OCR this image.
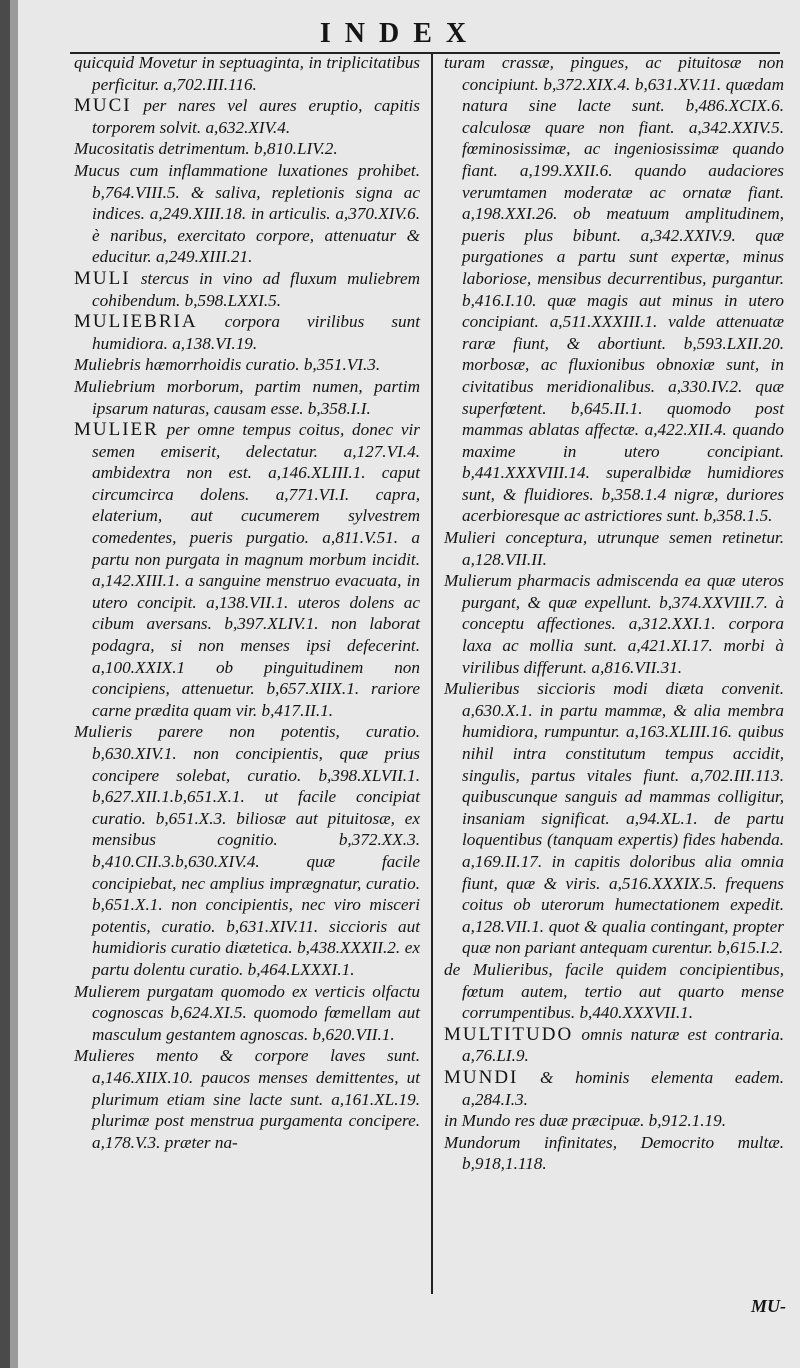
INDEX

quicquid Movetur in septuaginta, in triplicitatibus perficitur. a,702.III.116.

MUCI per nares vel aures eruptio, capitis torporem solvit. a,632.XIV.4.

Mucositatis detrimentum. b,810.LIV.2.

Mucus cum inflammatione luxationes prohibet. b,764.VIII.5. & saliva, repletionis signa ac indices. a,249.XIII.18. in articulis. a,370.XIV.6. è naribus, exercitato corpore, attenuatur & educitur. a,249.XIII.21.

MULI stercus in vino ad fluxum muliebrem cohibendum. b,598.LXXI.5.

MULIEBRIA corpora virilibus sunt humidiora. a,138.VI.19.

Muliebris hæmorrhoidis curatio. b,351.VI.3.

Muliebrium morborum, partim numen, partim ipsarum naturas, causam esse. b,358.I.I.

MULIER per omne tempus coitus, donec vir semen emiserit, delectatur. a,127.VI.4. ambidextra non est. a,146.XLIII.1. caput circumcirca dolens. a,771.VI.I. capra, elaterium, aut cucumerem sylvestrem comedentes, pueris purgatio. a,811.V.51. a partu non purgata in magnum morbum incidit. a,142.XIII.1. a sanguine menstruo evacuata, in utero concipit. a,138.VII.1. uteros dolens ac cibum aversans. b,397.XLIV.1. non laborat podagra, si non menses ipsi defecerint. a,100.XXIX.1 ob pinguitudinem non concipiens, attenuetur. b,657.XIIX.1. rariore carne prædita quam vir. b,417.II.1.

Mulieris parere non potentis, curatio. b,630.XIV.1. non concipientis, quæ prius concipere solebat, curatio. b,398.XLVII.1. b,627.XII.1.b,651.X.1. ut facile concipiat curatio. b,651.X.3. biliosæ aut pituitosæ, ex mensibus cognitio. b,372.XX.3. b,410.CII.3.b,630.XIV.4. quæ facile concipiebat, nec amplius imprægnatur, curatio. b,651.X.1. non concipientis, nec viro misceri potentis, curatio. b,631.XIV.11. siccioris aut humidioris curatio diætetica. b,438.XXXII.2. ex partu dolentu curatio. b,464.LXXXI.1.

Mulierem purgatam quomodo ex verticis olfactu cognoscas b,624.XI.5. quomodo fœmellam aut masculum gestantem agnoscas. b,620.VII.1.

Mulieres mento & corpore laves sunt. a,146.XIIX.10. paucos menses demittentes, ut plurimum etiam sine lacte sunt. a,161.XL.19. plurimæ post menstrua purgamenta concipere. a,178.V.3. præter na-

turam crassæ, pingues, ac pituitosæ non concipiunt. b,372.XIX.4. b,631.XV.11. quædam natura sine lacte sunt. b,486.XCIX.6. calculosæ quare non fiant. a,342.XXIV.5. fœminosissimæ, ac ingeniosissimæ quando fiant. a,199.XXII.6. quando audaciores verumtamen moderatæ ac ornatæ fiant. a,198.XXI.26. ob meatuum amplitudinem, pueris plus bibunt. a,342.XXIV.9. quæ purgationes a partu sunt expertæ, minus laboriose, mensibus decurrentibus, purgantur. b,416.I.10. quæ magis aut minus in utero concipiant. a,511.XXXIII.1. valde attenuatæ raræ fiunt, & abortiunt. b,593.LXII.20. morbosæ, ac fluxionibus obnoxiæ sunt, in civitatibus meridionalibus. a,330.IV.2. quæ superfœtent. b,645.II.1. quomodo post mammas ablatas affectæ. a,422.XII.4. quando maxime in utero concipiant. b,441.XXXVIII.14. superalbidæ humidiores sunt, & fluidiores. b,358.1.4 nigræ, duriores acerbioresque ac astrictiores sunt. b,358.1.5.

Mulieri conceptura, utrunque semen retinetur. a,128.VII.II.

Mulierum pharmacis admiscenda ea quæ uteros purgant, & quæ expellunt. b,374.XXVIII.7. à conceptu affectiones. a,312.XXI.1. corpora laxa ac mollia sunt. a,421.XI.17. morbi à virilibus differunt. a,816.VII.31.

Mulieribus siccioris modi diæta convenit. a,630.X.1. in partu mammæ, & alia membra humidiora, rumpuntur. a,163.XLIII.16. quibus nihil intra constitutum tempus accidit, singulis, partus vitales fiunt. a,702.III.113. quibuscunque sanguis ad mammas colligitur, insaniam significat. a,94.XL.1. de partu loquentibus (tanquam expertis) fides habenda. a,169.II.17. in capitis doloribus alia omnia fiunt, quæ & viris. a,516.XXXIX.5. frequens coitus ob uterorum humectationem expedit. a,128.VII.1. quot & qualia contingant, propter quæ non pariant antequam curentur. b,615.I.2.

de Mulieribus, facile quidem concipientibus, fœtum autem, tertio aut quarto mense corrumpentibus. b,440.XXXVII.1.

MULTITUDO omnis naturæ est contraria. a,76.LI.9.

MUNDI & hominis elementa eadem. a,284.I.3.

in Mundo res duæ præcipuæ. b,912.1.19.

Mundorum infinitates, Democrito multæ. b,918,1.118.

MU-
